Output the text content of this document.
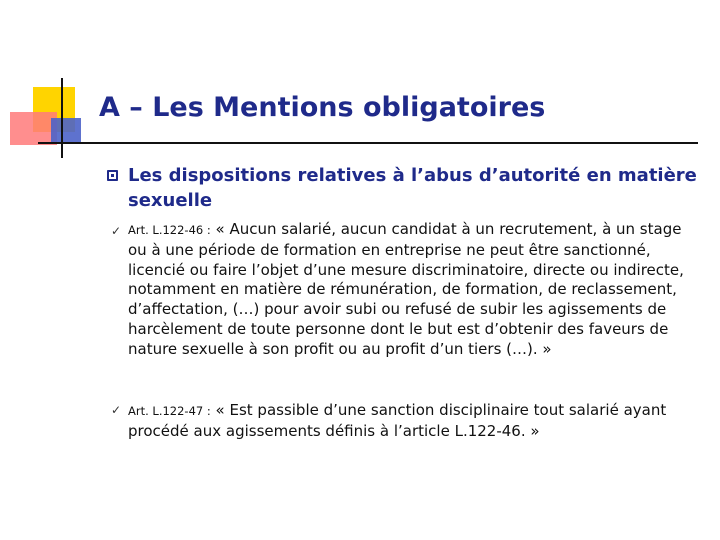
A – Les Mentions obligatoires

Les dispositions relatives à l’abus d’autorité en matière sexuelle

✓ Art. L.122-46 : « Aucun salarié, aucun candidat à un recrutement, à un stage ou à une période de formation en entreprise ne peut être sanctionné, licencié ou faire l’objet d’une mesure discriminatoire, directe ou indirecte, notamment en matière de rémunération, de formation, de reclassement, d’affectation, (…) pour avoir subi ou refusé de subir les agissements de harcèlement de toute personne dont le but est d’obtenir des faveurs de nature sexuelle à son profit ou au profit d’un tiers (…). »

✓ Art. L.122-47 : « Est passible d’une sanction disciplinaire tout salarié ayant procédé aux agissements définis à l’article L.122-46. »
